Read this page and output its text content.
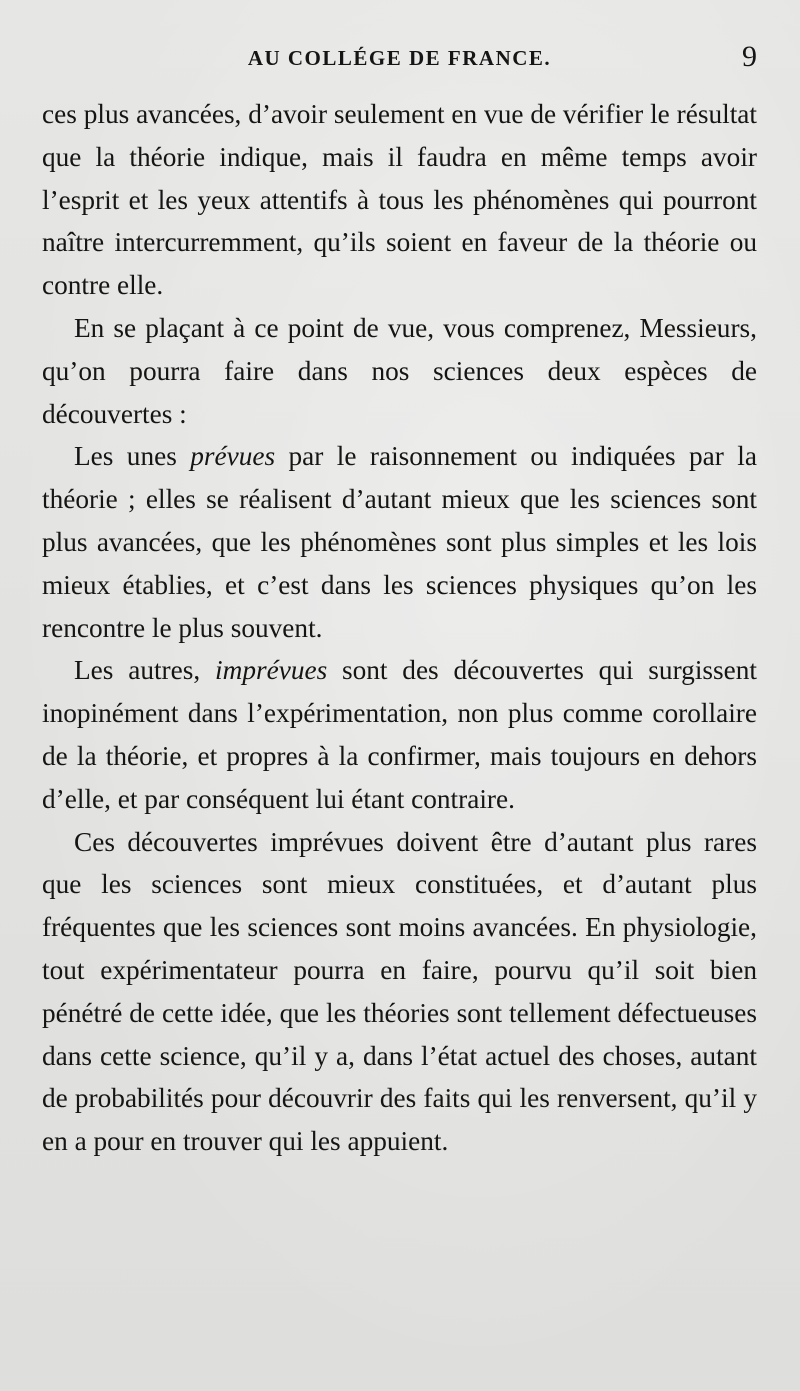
AU COLLÉGE DE FRANCE.	9

ces plus avancées, d’avoir seulement en vue de vérifier le résultat que la théorie indique, mais il faudra en même temps avoir l’esprit et les yeux attentifs à tous les phénomènes qui pourront naître intercurremment, qu’ils soient en faveur de la théorie ou contre elle.

En se plaçant à ce point de vue, vous comprenez, Messieurs, qu’on pourra faire dans nos sciences deux espèces de découvertes :

Les unes prévues par le raisonnement ou indiquées par la théorie ; elles se réalisent d’autant mieux que les sciences sont plus avancées, que les phénomènes sont plus simples et les lois mieux établies, et c’est dans les sciences physiques qu’on les rencontre le plus souvent.

Les autres, imprévues sont des découvertes qui surgissent inopinément dans l’expérimentation, non plus comme corollaire de la théorie, et propres à la confirmer, mais toujours en dehors d’elle, et par conséquent lui étant contraire.

Ces découvertes imprévues doivent être d’autant plus rares que les sciences sont mieux constituées, et d’autant plus fréquentes que les sciences sont moins avancées. En physiologie, tout expérimentateur pourra en faire, pourvu qu’il soit bien pénétré de cette idée, que les théories sont tellement défectueuses dans cette science, qu’il y a, dans l’état actuel des choses, autant de probabilités pour découvrir des faits qui les renversent, qu’il y en a pour en trouver qui les appuient.
